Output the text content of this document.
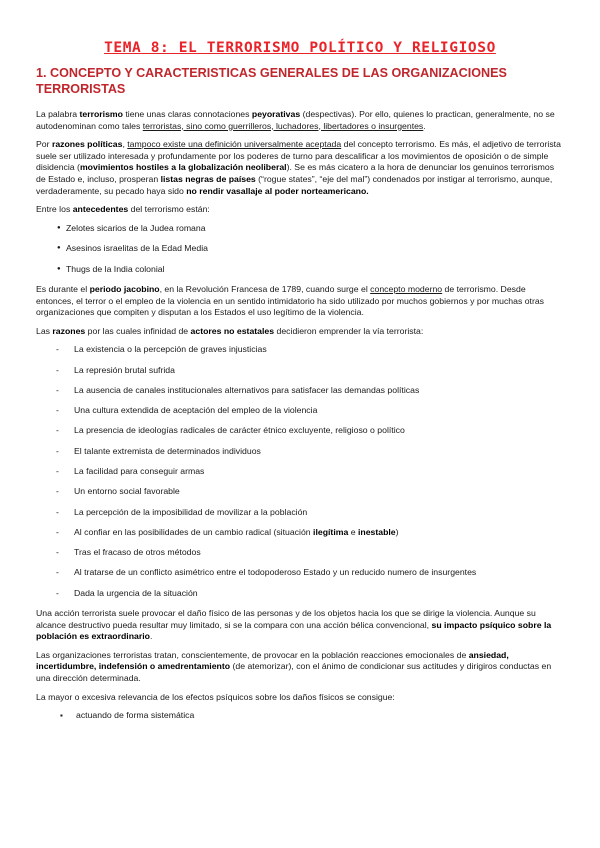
TEMA 8: EL TERRORISMO POLÍTICO Y RELIGIOSO
1. CONCEPTO Y CARACTERISTICAS GENERALES DE LAS ORGANIZACIONES TERRORISTAS

La palabra terrorismo tiene unas claras connotaciones peyorativas (despectivas). Por ello, quienes lo practican, generalmente, no se autodenominan como tales terroristas, sino como guerrilleros, luchadores, libertadores o insurgentes.

Por razones políticas, tampoco existe una definición universalmente aceptada del concepto terrorismo. Es más, el adjetivo de terrorista suele ser utilizado interesada y profundamente por los poderes de turno para descalificar a los movimientos de oposición o de simple disidencia (movimientos hostiles a la globalización neoliberal). Se es más cicatero a la hora de denunciar los genuinos terrorismos de Estado e, incluso, prosperan listas negras de países (“rogue states”, “eje del mal”) condenados por instigar al terrorismo, aunque, verdaderamente, su pecado haya sido no rendir vasallaje al poder norteamericano.

Entre los antecedentes del terrorismo están:

● Zelotes sicarios de la Judea romana
● Asesinos israelitas de la Edad Media
● Thugs de la India colonial

Es durante el periodo jacobino, en la Revolución Francesa de 1789, cuando surge el concepto moderno de terrorismo. Desde entonces, el terror o el empleo de la violencia en un sentido intimidatorio ha sido utilizado por muchos gobiernos y por muchas otras organizaciones que compiten y disputan a los Estados el uso legítimo de la violencia.

Las razones por las cuales infinidad de actores no estatales decidieron emprender la vía terrorista:

- La existencia o la percepción de graves injusticias
- La represión brutal sufrida
- La ausencia de canales institucionales alternativos para satisfacer las demandas políticas
- Una cultura extendida de aceptación del empleo de la violencia
- La presencia de ideologías radicales de carácter étnico excluyente, religioso o político
- El talante extremista de determinados individuos
- La facilidad para conseguir armas
- Un entorno social favorable
- La percepción de la imposibilidad de movilizar a la población
- Al confiar en las posibilidades de un cambio radical (situación ilegítima e inestable)
- Tras el fracaso de otros métodos
- Al tratarse de un conflicto asimétrico entre el todopoderoso Estado y un reducido numero de insurgentes
- Dada la urgencia de la situación

Una acción terrorista suele provocar el daño físico de las personas y de los objetos hacia los que se dirige la violencia. Aunque su alcance destructivo pueda resultar muy limitado, si se la compara con una acción bélica convencional, su impacto psíquico sobre la población es extraordinario.

Las organizaciones terroristas tratan, conscientemente, de provocar en la población reacciones emocionales de ansiedad, incertidumbre, indefensión o amedrentamiento (de atemorizar), con el ánimo de condicionar sus actitudes y dirigiros conductas en una dirección determinada.

La mayor o excesiva relevancia de los efectos psíquicos sobre los daños físicos se consigue:

▪ actuando de forma sistemática
